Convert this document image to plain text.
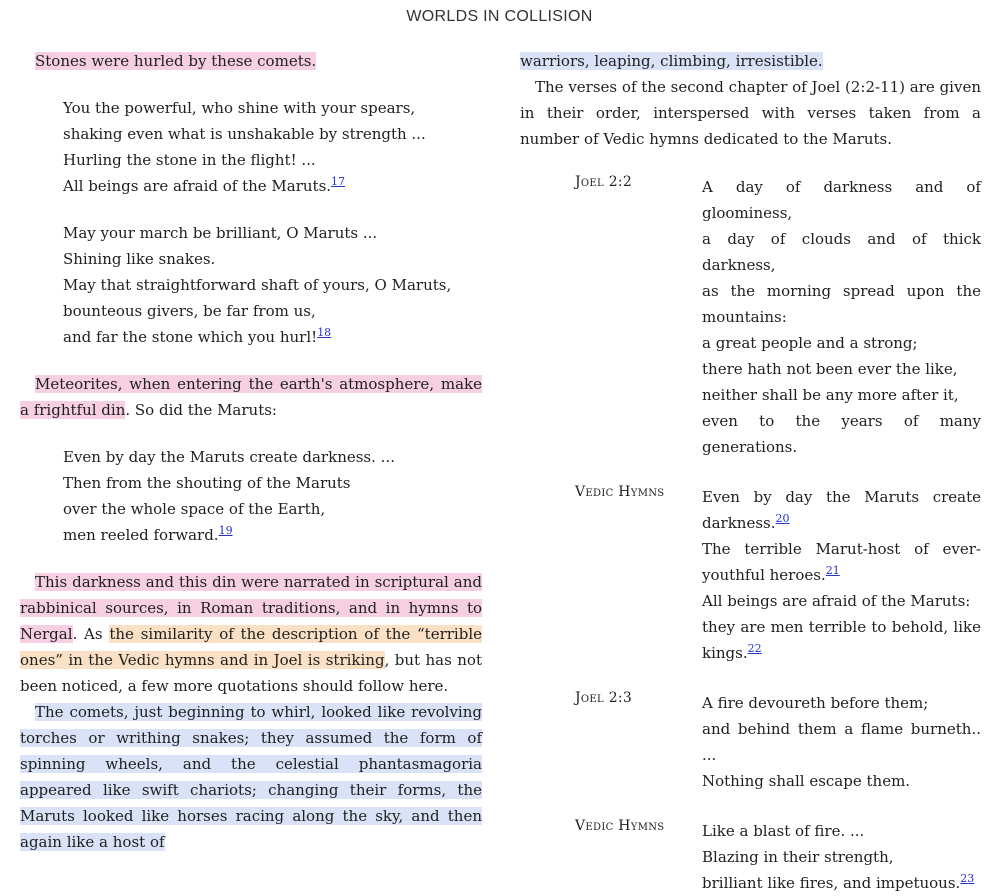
WORLDS IN COLLISION

Stones were hurled by these comets.

You the powerful, who shine with your spears,
shaking even what is unshakable by strength ...
Hurling the stone in the flight! ...
All beings are afraid of the Maruts.$^{17}$
May your march be brilliant, O Maruts ...
Shining like snakes.
May that straightforward shaft of yours, O Maruts,
bounteous givers, be far from us,
and far the stone which you hurl!$^{18}$

Meteorites, when entering the earth's atmosphere, make a frightful din. So did the Maruts:

Even by day the Maruts create darkness. ...
Then from the shouting of the Maruts
over the whole space of the Earth,
men reeled forward.$^{19}$

This darkness and this din were narrated in scriptural and rabbinical sources, in Roman traditions, and in hymns to Nergal. As the similarity of the description of the “terrible ones” in the Vedic hymns and in Joel is striking, but has not been noticed, a few more quotations should follow here.

The comets, just beginning to whirl, looked like revolving torches or writhing snakes; they assumed the form of spinning wheels, and the celestial phantasmagoria appeared like swift chariots; changing their forms, the Maruts looked like horses racing along the sky, and then again like a host of

warriors, leaping, climbing, irresistible.

The verses of the second chapter of Joel (2:2-11) are given in their order, interspersed with verses taken from a number of Vedic hymns dedicated to the Maruts.

Joel 2:2	A day of darkness and of gloominess,
a day of clouds and of thick darkness,
as the morning spread upon the mountains:
a great people and a strong;
there hath not been ever the like,
neither shall be any more after it,
even to the years of many generations.
Vedic Hymns	Even by day the Maruts create darkness.$^{20}$
The terrible Marut-host of ever-youthful heroes.$^{21}$
All beings are afraid of the Maruts:
they are men terrible to behold, like kings.$^{22}$
Joel 2:3	A fire devoureth before them;
and behind them a flame burneth.. ...
Nothing shall escape them.
Vedic Hymns	Like a blast of fire. ...
Blazing in their strength,
brilliant like fires, and impetuous.$^{23}$
